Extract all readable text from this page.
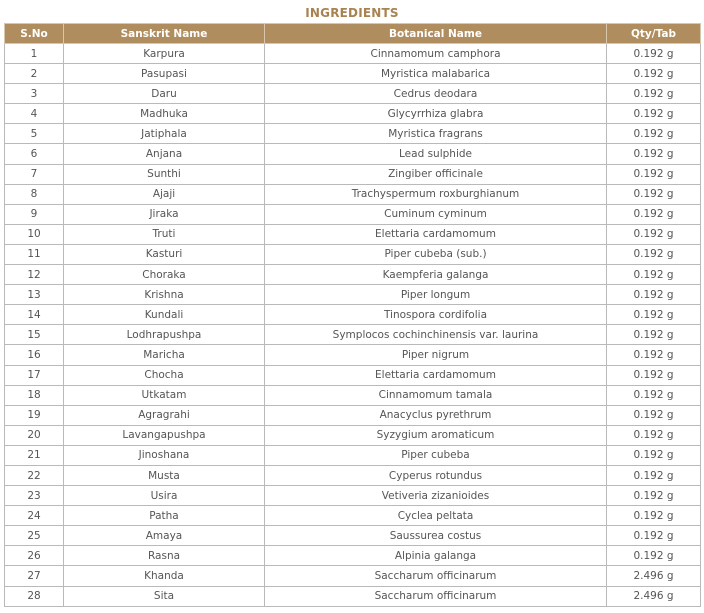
INGREDIENTS
S.No	Sanskrit Name	Botanical Name	Qty/Tab
1	Karpura	Cinnamomum camphora	0.192 g
2	Pasupasi	Myristica malabarica	0.192 g
3	Daru	Cedrus deodara	0.192 g
4	Madhuka	Glycyrrhiza glabra	0.192 g
5	Jatiphala	Myristica fragrans	0.192 g
6	Anjana	Lead sulphide	0.192 g
7	Sunthi	Zingiber officinale	0.192 g
8	Ajaji	Trachyspermum roxburghianum	0.192 g
9	Jiraka	Cuminum cyminum	0.192 g
10	Truti	Elettaria cardamomum	0.192 g
11	Kasturi	Piper cubeba (sub.)	0.192 g
12	Choraka	Kaempferia galanga	0.192 g
13	Krishna	Piper longum	0.192 g
14	Kundali	Tinospora cordifolia	0.192 g
15	Lodhrapushpa	Symplocos cochinchinensis var. laurina	0.192 g
16	Maricha	Piper nigrum	0.192 g
17	Chocha	Elettaria cardamomum	0.192 g
18	Utkatam	Cinnamomum tamala	0.192 g
19	Agragrahi	Anacyclus pyrethrum	0.192 g
20	Lavangapushpa	Syzygium aromaticum	0.192 g
21	Jinoshana	Piper cubeba	0.192 g
22	Musta	Cyperus rotundus	0.192 g
23	Usira	Vetiveria zizanioides	0.192 g
24	Patha	Cyclea peltata	0.192 g
25	Amaya	Saussurea costus	0.192 g
26	Rasna	Alpinia galanga	0.192 g
27	Khanda	Saccharum officinarum	2.496 g
28	Sita	Saccharum officinarum	2.496 g
